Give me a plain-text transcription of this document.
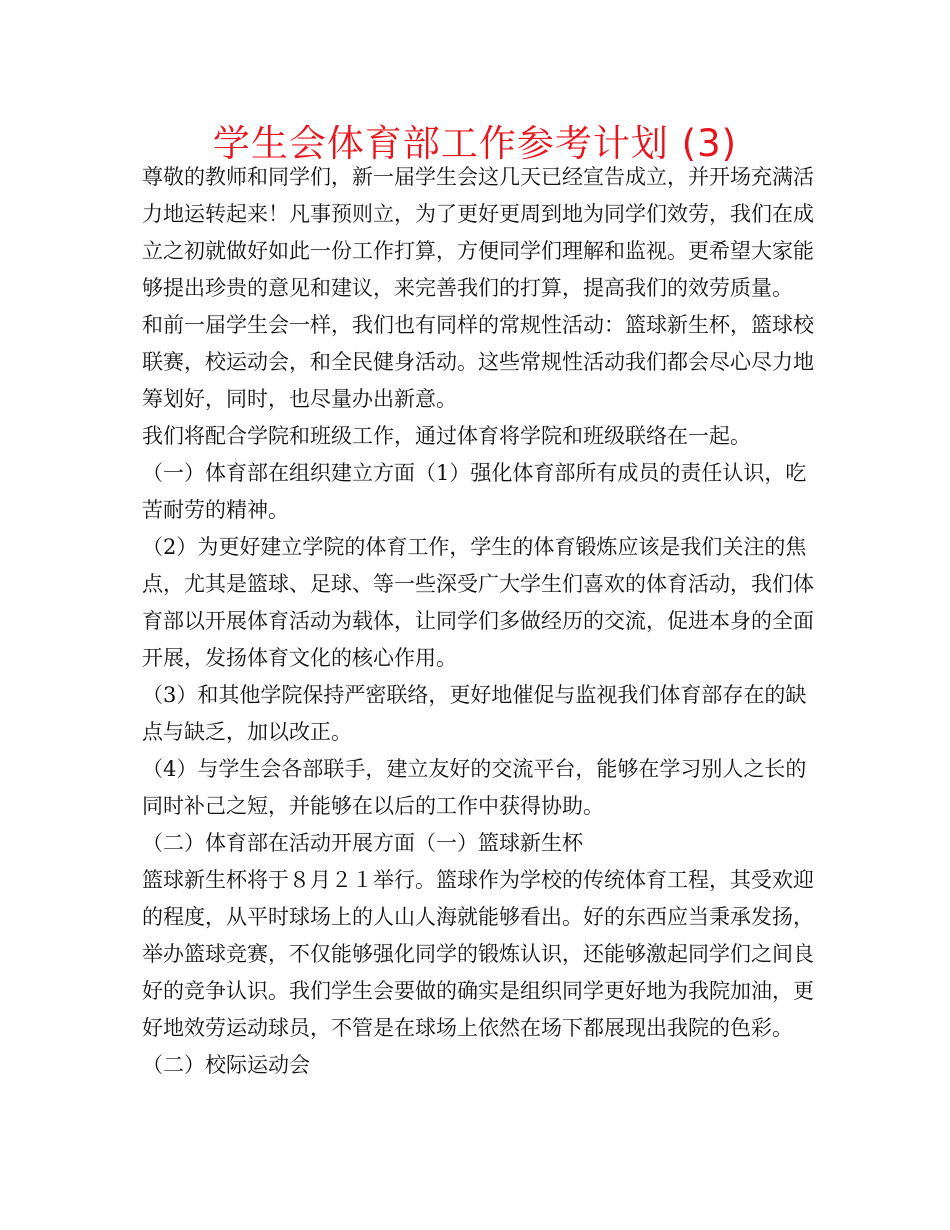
学生会体育部工作参考计划 (3)

尊敬的教师和同学们，新一届学生会这几天已经宣告成立，并开场充满活力地运转起来！凡事预则立，为了更好更周到地为同学们效劳，我们在成立之初就做好如此一份工作打算，方便同学们理解和监视。更希望大家能够提出珍贵的意见和建议，来完善我们的打算，提高我们的效劳质量。 和前一届学生会一样，我们也有同样的常规性活动：篮球新生杯，篮球校联赛，校运动会，和全民健身活动。这些常规性活动我们都会尽心尽力地筹划好，同时，也尽量办出新意。

我们将配合学院和班级工作，通过体育将学院和班级联络在一起。

（一）体育部在组织建立方面（1）强化体育部所有成员的责任认识，吃苦耐劳的精神。

（2）为更好建立学院的体育工作，学生的体育锻炼应该是我们关注的焦点，尤其是篮球、足球、等一些深受广大学生们喜欢的体育活动，我们体育部以开展体育活动为载体，让同学们多做经历的交流，促进本身的全面开展，发扬体育文化的核心作用。

（3）和其他学院保持严密联络，更好地催促与监视我们体育部存在的缺点与缺乏，加以改正。

（4）与学生会各部联手，建立友好的交流平台，能够在学习别人之长的同时补己之短，并能够在以后的工作中获得协助。

（二）体育部在活动开展方面（一）篮球新生杯

篮球新生杯将于８月２１举行。篮球作为学校的传统体育工程，其受欢迎的程度，从平时球场上的人山人海就能够看出。好的东西应当秉承发扬，举办篮球竞赛，不仅能够强化同学的锻炼认识，还能够激起同学们之间良好的竞争认识。我们学生会要做的确实是组织同学更好地为我院加油，更好地效劳运动球员，不管是在球场上依然在场下都展现出我院的色彩。

（二）校际运动会
